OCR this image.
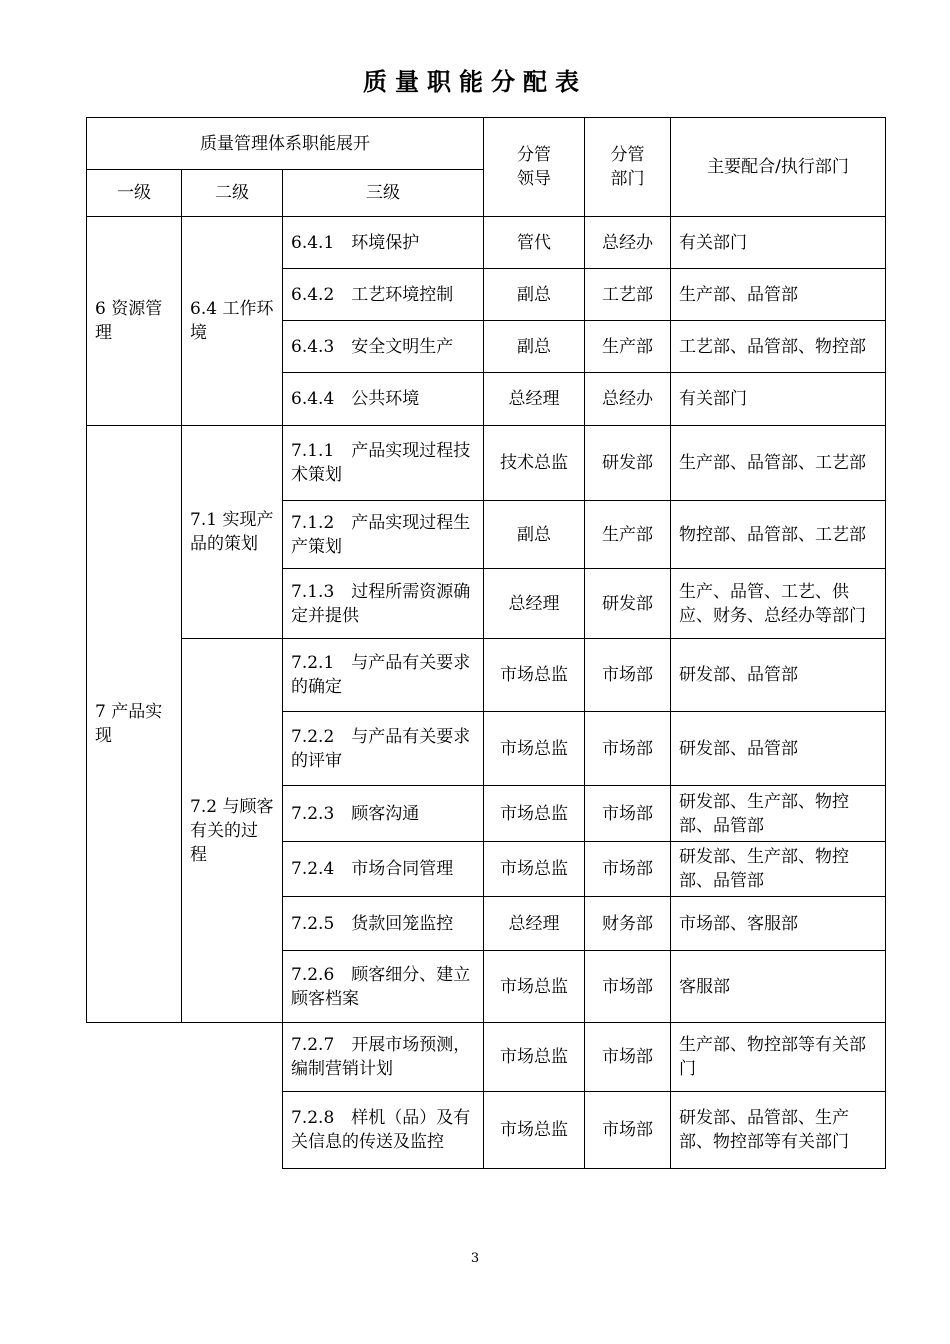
质量职能分配表
质量管理体系职能展开			分管领导	分管部门	主要配合/执行部门
一级	二级	三级			
6 资源管理	6.4 工作环境	6.4.1　环境保护	管代	总经办	有关部门
		6.4.2　工艺环境控制	副总	工艺部	生产部、品管部
		6.4.3　安全文明生产	副总	生产部	工艺部、品管部、物控部
		6.4.4　公共环境	总经理	总经办	有关部门
7 产品实现	7.1 实现产品的策划	7.1.1　产品实现过程技术策划	技术总监	研发部	生产部、品管部、工艺部
		7.1.2　产品实现过程生产策划	副总	生产部	物控部、品管部、工艺部
		7.1.3　过程所需资源确定并提供	总经理	研发部	生产、品管、工艺、供应、财务、总经办等部门
	7.2 与顾客有关的过程	7.2.1　与产品有关要求的确定	市场总监	市场部	研发部、品管部
		7.2.2　与产品有关要求的评审	市场总监	市场部	研发部、品管部
		7.2.3　顾客沟通	市场总监	市场部	研发部、生产部、物控部、品管部
		7.2.4　市场合同管理	市场总监	市场部	研发部、生产部、物控部、品管部
		7.2.5　货款回笼监控	总经理	财务部	市场部、客服部
		7.2.6　顾客细分、建立顾客档案	市场总监	市场部	客服部
		7.2.7　开展市场预测，编制营销计划	市场总监	市场部	生产部、物控部等有关部门
		7.2.8　样机（品）及有关信息的传送及监控	市场总监	市场部	研发部、品管部、生产部、物控部等有关部门
3
